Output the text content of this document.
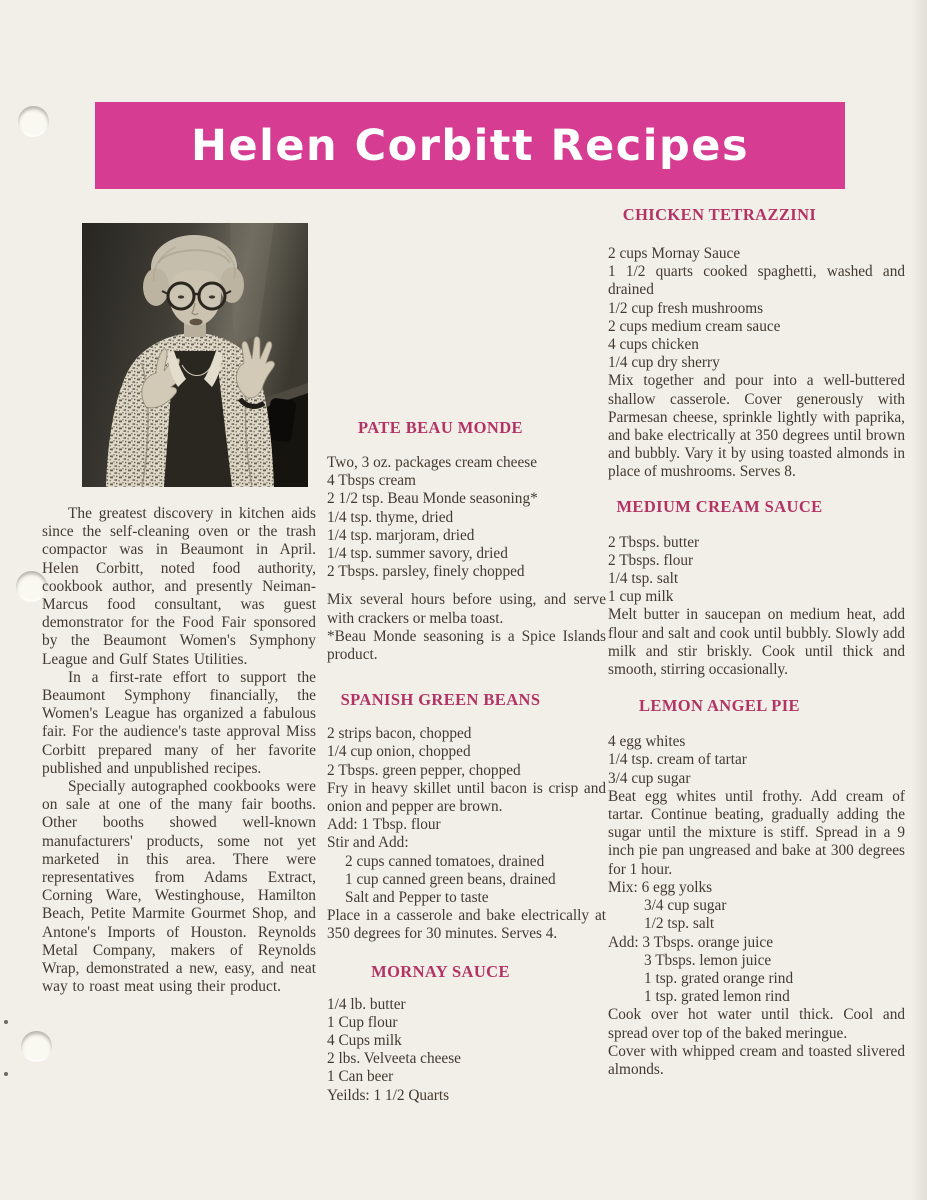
Helen Corbitt Recipes

The greatest discovery in kitchen aids since the self-cleaning oven or the trash compactor was in Beaumont in April. Helen Corbitt, noted food authority, cookbook author, and presently Neiman-Marcus food consultant, was guest demonstrator for the Food Fair sponsored by the Beaumont Women's Symphony League and Gulf States Utilities.

In a first-rate effort to support the Beaumont Symphony financially, the Women's League has organized a fabulous fair. For the audience's taste approval Miss Corbitt prepared many of her favorite published and unpublished recipes.

Specially autographed cookbooks were on sale at one of the many fair booths. Other booths showed well-known manufacturers' products, some not yet marketed in this area. There were representatives from Adams Extract, Corning Ware, Westinghouse, Hamilton Beach, Petite Marmite Gourmet Shop, and Antone's Imports of Houston. Reynolds Metal Company, makers of Reynolds Wrap, demonstrated a new, easy, and neat way to roast meat using their product.

PATE BEAU MONDE
Two, 3 oz. packages cream cheese
4 Tbsps cream
2 1/2 tsp. Beau Monde seasoning*
1/4 tsp. thyme, dried
1/4 tsp. marjoram, dried
1/4 tsp. summer savory, dried
2 Tbsps. parsley, finely chopped

Mix several hours before using, and serve with crackers or melba toast.

*Beau Monde seasoning is a Spice Islands product.

SPANISH GREEN BEANS
2 strips bacon, chopped
1/4 cup onion, chopped
2 Tbsps. green pepper, chopped

Fry in heavy skillet until bacon is crisp and onion and pepper are brown.

Add: 1 Tbsp. flour
Stir and Add:
2 cups canned tomatoes, drained
1 cup canned green beans, drained
Salt and Pepper to taste

Place in a casserole and bake electrically at 350 degrees for 30 minutes. Serves 4.

MORNAY SAUCE
1/4 lb. butter
1 Cup flour
4 Cups milk
2 lbs. Velveeta cheese
1 Can beer
Yeilds: 1 1/2 Quarts
CHICKEN TETRAZZINI
2 cups Mornay Sauce
1 1/2 quarts cooked spaghetti, washed and drained
1/2 cup fresh mushrooms
2 cups medium cream sauce
4 cups chicken
1/4 cup dry sherry

Mix together and pour into a well-buttered shallow casserole. Cover generously with Parmesan cheese, sprinkle lightly with paprika, and bake electrically at 350 degrees until brown and bubbly. Vary it by using toasted almonds in place of mushrooms. Serves 8.

MEDIUM CREAM SAUCE
2 Tbsps. butter
2 Tbsps. flour
1/4 tsp. salt
1 cup milk

Melt butter in saucepan on medium heat, add flour and salt and cook until bubbly. Slowly add milk and stir briskly. Cook until thick and smooth, stirring occasionally.

LEMON ANGEL PIE
4 egg whites
1/4 tsp. cream of tartar
3/4 cup sugar

Beat egg whites until frothy. Add cream of tartar. Continue beating, gradually adding the sugar until the mixture is stiff. Spread in a 9 inch pie pan ungreased and bake at 300 degrees for 1 hour.

Mix: 6 egg yolks
3/4 cup sugar
1/2 tsp. salt
Add: 3 Tbsps. orange juice
3 Tbsps. lemon juice
1 tsp. grated orange rind
1 tsp. grated lemon rind

Cook over hot water until thick. Cool and spread over top of the baked meringue.

Cover with whipped cream and toasted slivered almonds.
